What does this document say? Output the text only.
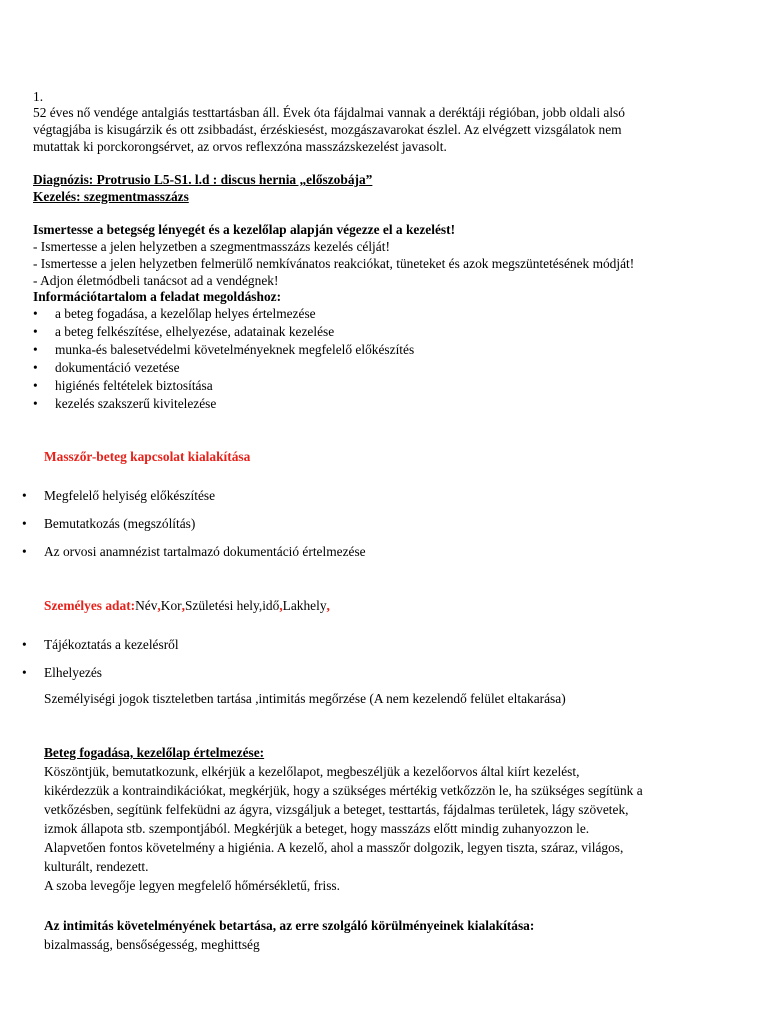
1.
52 éves nő vendége antalgiás testtartásban áll. Évek óta fájdalmai vannak a deréktáji régióban, jobb oldali alsó
végtagjába is kisugárzik és ott zsibbadást, érzéskiesést, mozgászavarokat észlel. Az elvégzett vizsgálatok nem
mutattak ki porckorongsérvet, az orvos reflexzóna masszázskezelést javasolt.
Diagnózis: Protrusio L5-S1. l.d : discus hernia „előszobája”
Kezelés: szegmentmasszázs
Ismertesse a betegség lényegét és a kezelőlap alapján végezze el a kezelést!
- Ismertesse a jelen helyzetben a szegmentmasszázs kezelés célját!
- Ismertesse a jelen helyzetben felmerülő nemkívánatos reakciókat, tüneteket és azok megszüntetésének módját!
- Adjon életmódbeli tanácsot ad a vendégnek!
Információtartalom a feladat megoldáshoz:
• a beteg fogadása, a kezelőlap helyes értelmezése
• a beteg felkészítése, elhelyezése, adatainak kezelése
• munka-és balesetvédelmi követelményeknek megfelelő előkészítés
• dokumentáció vezetése
• higiénés feltételek biztosítása
• kezelés szakszerű kivitelezése
Masszőr-beteg kapcsolat kialakítása
• Megfelelő helyiség előkészítése
• Bemutatkozás (megszólítás)
• Az orvosi anamnézist tartalmazó dokumentáció értelmezése
Személyes adat:Név,Kor,Születési hely,idő,Lakhely,
• Tájékoztatás a kezelésről
• Elhelyezés
Személyiségi jogok tiszteletben tartása ,intimitás megőrzése (A nem kezelendő felület eltakarása)
Beteg fogadása, kezelőlap értelmezése:
Köszöntjük, bemutatkozunk, elkérjük a kezelőlapot, megbeszéljük a kezelőorvos által kiírt kezelést,
kikérdezzük a kontraindikációkat, megkérjük, hogy a szükséges mértékig vetkőzzön le, ha szükséges segítünk a
vetkőzésben, segítünk felfeküdni az ágyra, vizsgáljuk a beteget, testtartás, fájdalmas területek, lágy szövetek,
izmok állapota stb. szempontjából. Megkérjük a beteget, hogy masszázs előtt mindig zuhanyozzon le.
Alapvetően fontos követelmény a higiénia. A kezelő, ahol a masszőr dolgozik, legyen tiszta, száraz, világos,
kulturált, rendezett.
A szoba levegője legyen megfelelő hőmérsékletű, friss.
Az intimitás követelményének betartása, az erre szolgáló körülményeinek kialakítása:
bizalmasság, bensőségesség, meghittség
